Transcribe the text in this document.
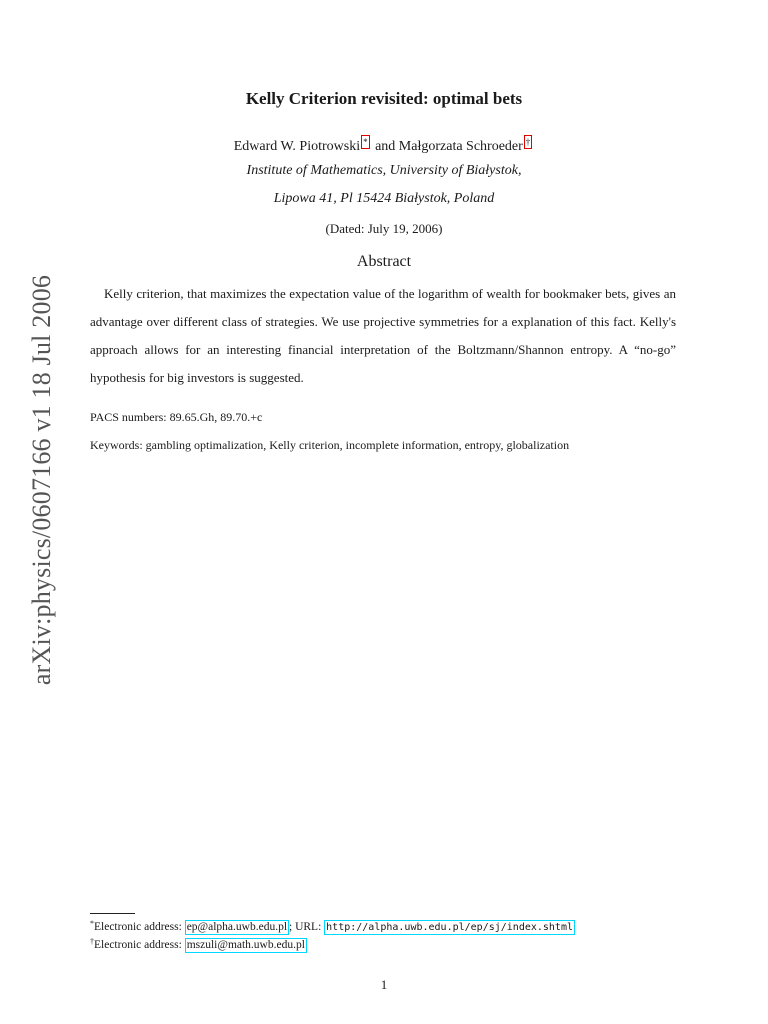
arXiv:physics/0607166 v1 18 Jul 2006
Kelly Criterion revisited: optimal bets
Edward W. Piotrowski * and Małgorzata Schroeder †
Institute of Mathematics, University of Białystok,
Lipowa 41, Pl 15424 Białystok, Poland
(Dated: July 19, 2006)
Abstract

Kelly criterion, that maximizes the expectation value of the logarithm of wealth for bookmaker bets, gives an advantage over different class of strategies. We use projective symmetries for a explanation of this fact. Kelly's approach allows for an interesting financial interpretation of the Boltzmann/Shannon entropy. A “no-go” hypothesis for big investors is suggested.

PACS numbers: 89.65.Gh, 89.70.+c
Keywords: gambling optimalization, Kelly criterion, incomplete information, entropy, globalization
*Electronic address: ep@alpha.uwb.edu.pl ; URL: http://alpha.uwb.edu.pl/ep/sj/index.shtml
†Electronic address: mszuli@math.uwb.edu.pl
1
